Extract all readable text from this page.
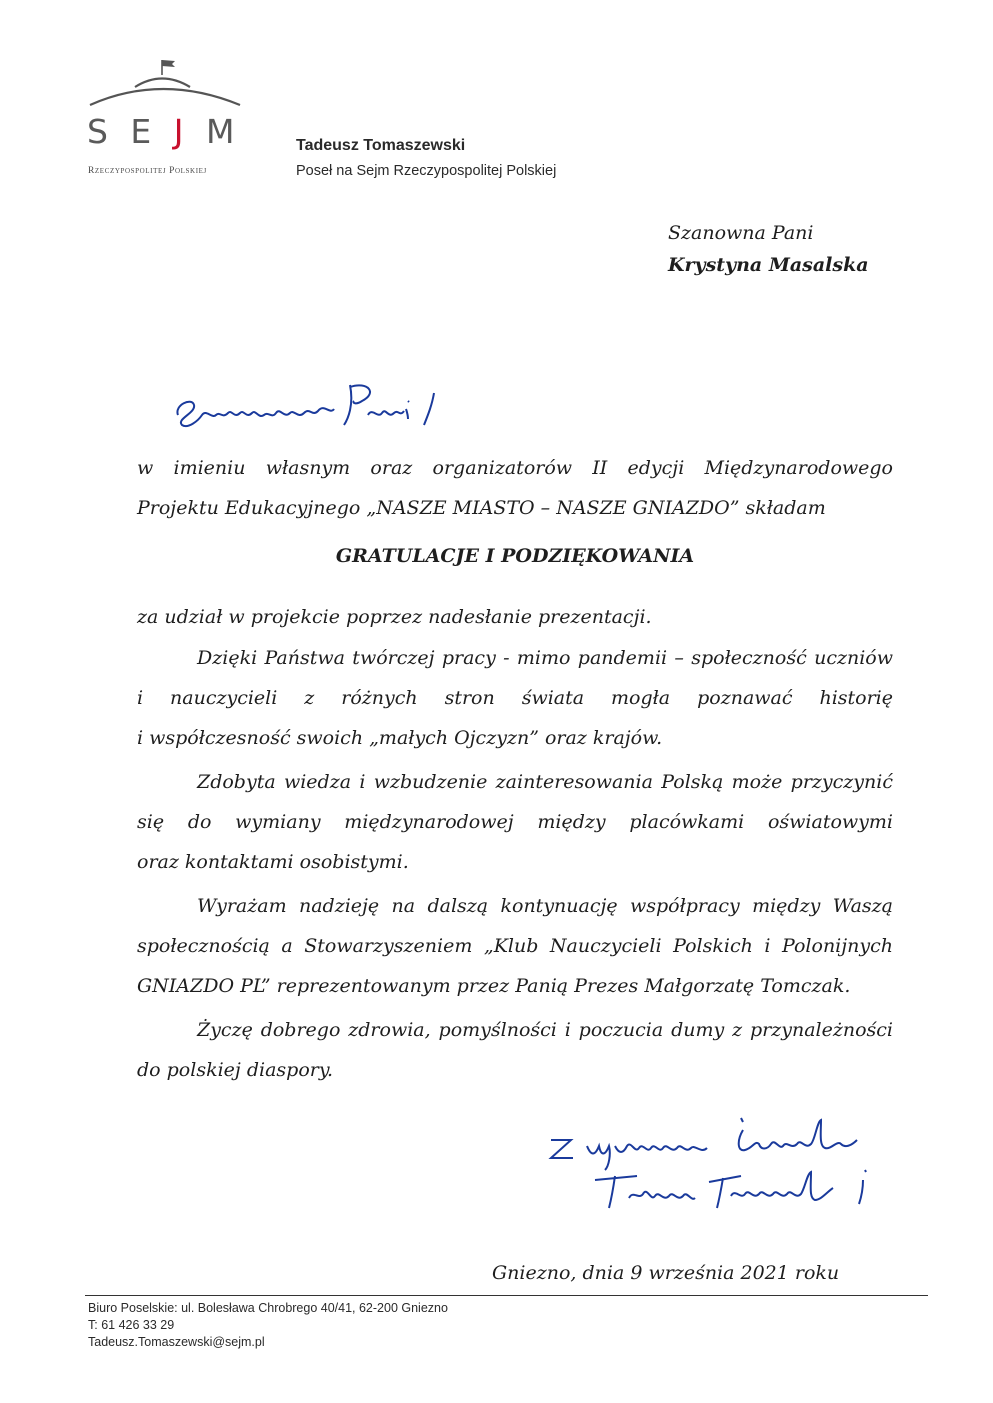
S E J M
Rzeczypospolitej Polskiej
Tadeusz Tomaszewski
Poseł na Sejm Rzeczypospolitej Polskiej
Szanowna Pani
Krystyna Masalska
w imieniu własnym oraz organizatorów II edycji Międzynarodowego
Projektu Edukacyjnego „NASZE MIASTO – NASZE GNIAZDO” składam
GRATULACJE I PODZIĘKOWANIA
za udział w projekcie poprzez nadesłanie prezentacji.
Dzięki Państwa twórczej pracy - mimo pandemii – społeczność uczniów
i nauczycieli z różnych stron świata mogła poznawać historię
i współczesność swoich „małych Ojczyzn” oraz krajów.
Zdobyta wiedza i wzbudzenie zainteresowania Polską może przyczynić
się do wymiany międzynarodowej między placówkami oświatowymi
oraz kontaktami osobistymi.
Wyrażam nadzieję na dalszą kontynuację współpracy między Waszą
społecznością a Stowarzyszeniem „Klub Nauczycieli Polskich i Polonijnych
GNIAZDO PL” reprezentowanym przez Panią Prezes Małgorzatę Tomczak.
Życzę dobrego zdrowia, pomyślności i poczucia dumy z przynależności
do polskiej diaspory.
Gniezno, dnia 9 września 2021 roku
Biuro Poselskie: ul. Bolesława Chrobrego 40/41, 62-200 Gniezno
T: 61 426 33 29
Tadeusz.Tomaszewski@sejm.pl
